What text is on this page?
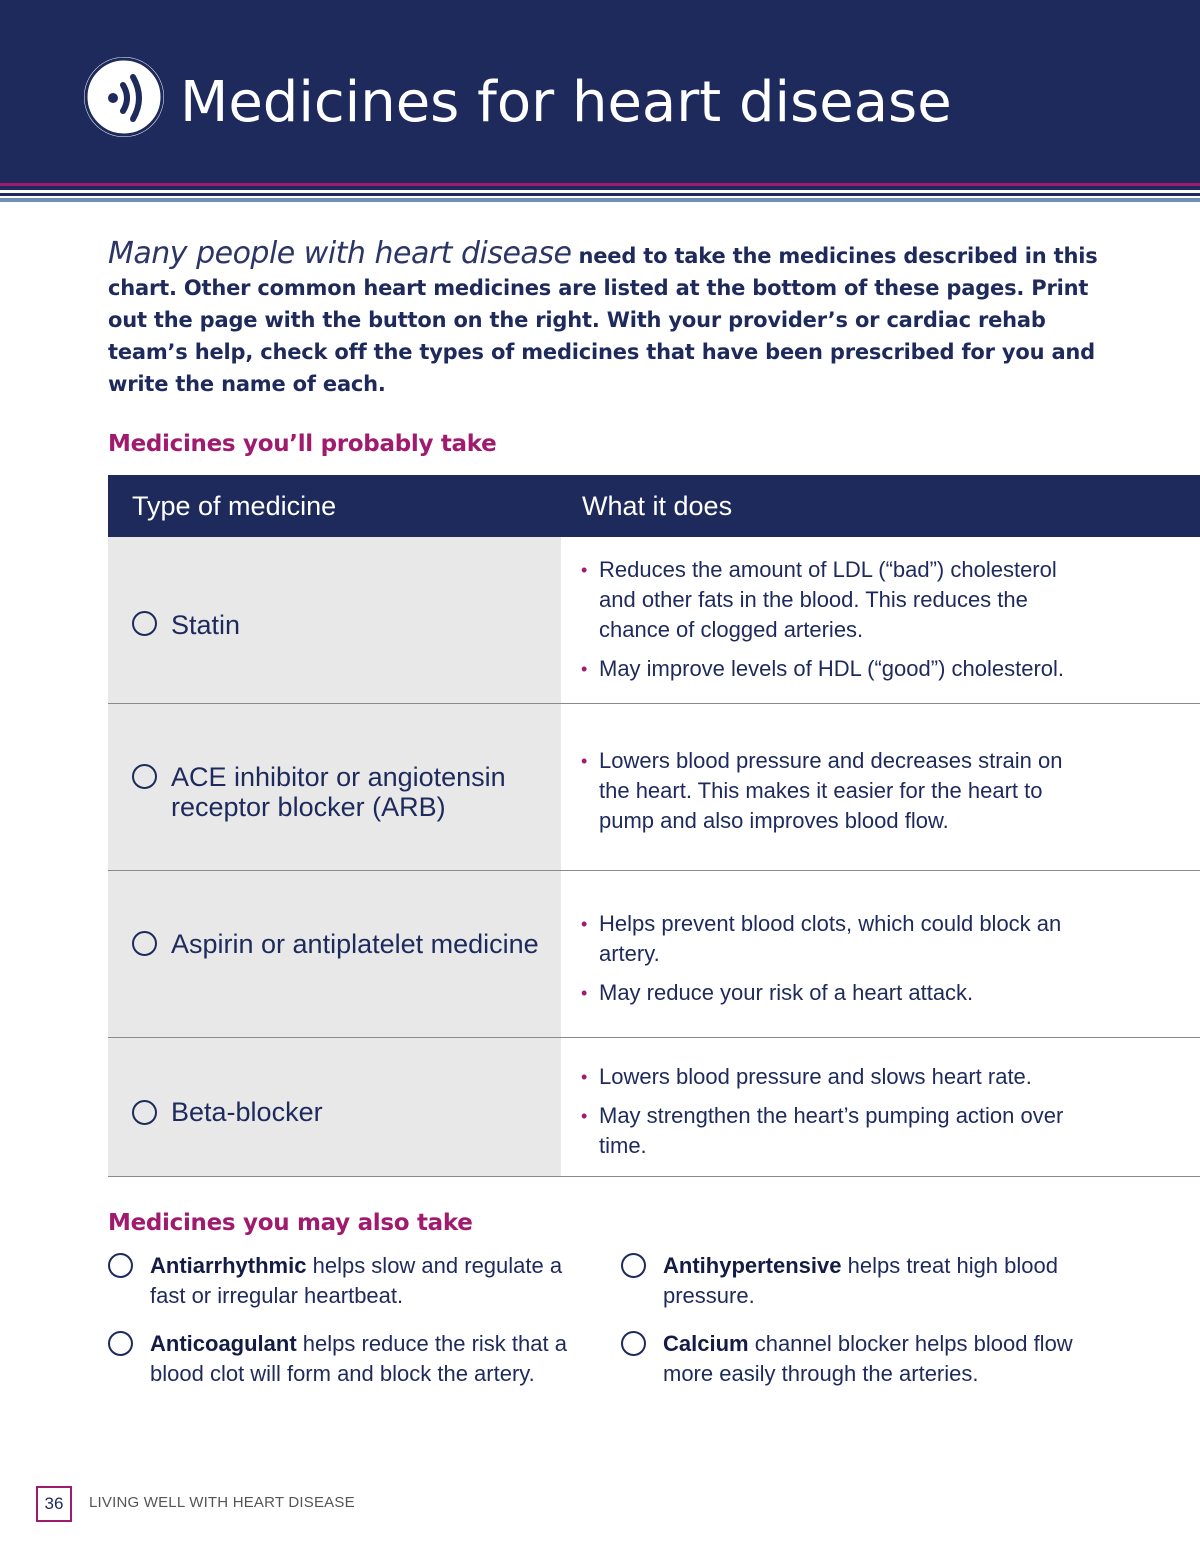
Medicines for heart disease

Many people with heart disease need to take the medicines described in this chart. Other common heart medicines are listed at the bottom of these pages. Print out the page with the button on the right. With your provider’s or cardiac rehab team’s help, check off the types of medicines that have been prescribed for you and write the name of each.

Medicines you’ll probably take
Type of medicine	What it does
Statin
• Reduces the amount of LDL (“bad”) cholesterol and other fats in the blood. This reduces the chance of clogged arteries.
• May improve levels of HDL (“good”) cholesterol.
ACE inhibitor or angiotensin receptor blocker (ARB)
• Lowers blood pressure and decreases strain on the heart. This makes it easier for the heart to pump and also improves blood flow.
Aspirin or antiplatelet medicine
• Helps prevent blood clots, which could block an artery.
• May reduce your risk of a heart attack.
Beta-blocker
• Lowers blood pressure and slows heart rate.
• May strengthen the heart’s pumping action over time.
Medicines you may also take
Antiarrhythmic helps slow and regulate a fast or irregular heartbeat.
Antihypertensive helps treat high blood pressure.
Anticoagulant helps reduce the risk that a blood clot will form and block the artery.
Calcium channel blocker helps blood flow more easily through the arteries.
36	LIVING WELL WITH HEART DISEASE
